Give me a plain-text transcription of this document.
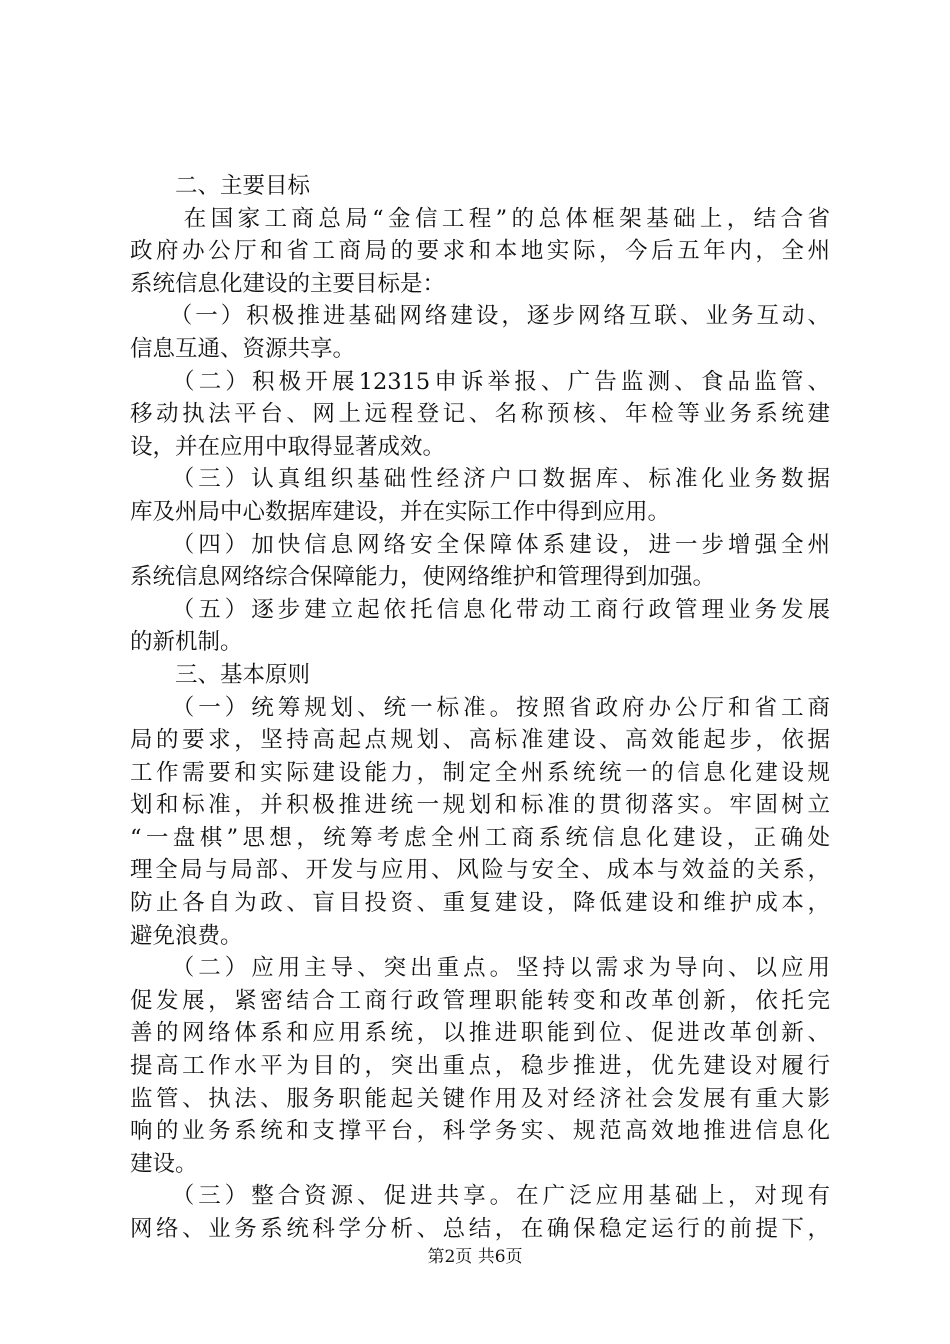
　　二、主要目标
　　在国家工商总局“金信工程”的总体框架基础上，结合省
政府办公厅和省工商局的要求和本地实际，今后五年内，全州
系统信息化建设的主要目标是：
　　（一）积极推进基础网络建设，逐步网络互联、业务互动、
信息互通、资源共享。
　　（二）积极开展12315申诉举报、广告监测、食品监管、
移动执法平台、网上远程登记、名称预核、年检等业务系统建
设，并在应用中取得显著成效。
　　（三）认真组织基础性经济户口数据库、标准化业务数据
库及州局中心数据库建设，并在实际工作中得到应用。
　　（四）加快信息网络安全保障体系建设，进一步增强全州
系统信息网络综合保障能力，使网络维护和管理得到加强。
　　（五）逐步建立起依托信息化带动工商行政管理业务发展
的新机制。
　　三、基本原则
　　（一）统筹规划、统一标准。按照省政府办公厅和省工商
局的要求，坚持高起点规划、高标准建设、高效能起步，依据
工作需要和实际建设能力，制定全州系统统一的信息化建设规
划和标准，并积极推进统一规划和标准的贯彻落实。牢固树立
“一盘棋”思想，统筹考虑全州工商系统信息化建设，正确处
理全局与局部、开发与应用、风险与安全、成本与效益的关系，
防止各自为政、盲目投资、重复建设，降低建设和维护成本，
避免浪费。
　　（二）应用主导、突出重点。坚持以需求为导向、以应用
促发展，紧密结合工商行政管理职能转变和改革创新，依托完
善的网络体系和应用系统，以推进职能到位、促进改革创新、
提高工作水平为目的，突出重点，稳步推进，优先建设对履行
监管、执法、服务职能起关键作用及对经济社会发展有重大影
响的业务系统和支撑平台，科学务实、规范高效地推进信息化
建设。
　　（三）整合资源、促进共享。在广泛应用基础上，对现有
网络、业务系统科学分析、总结，在确保稳定运行的前提下，
第2页 共6页
